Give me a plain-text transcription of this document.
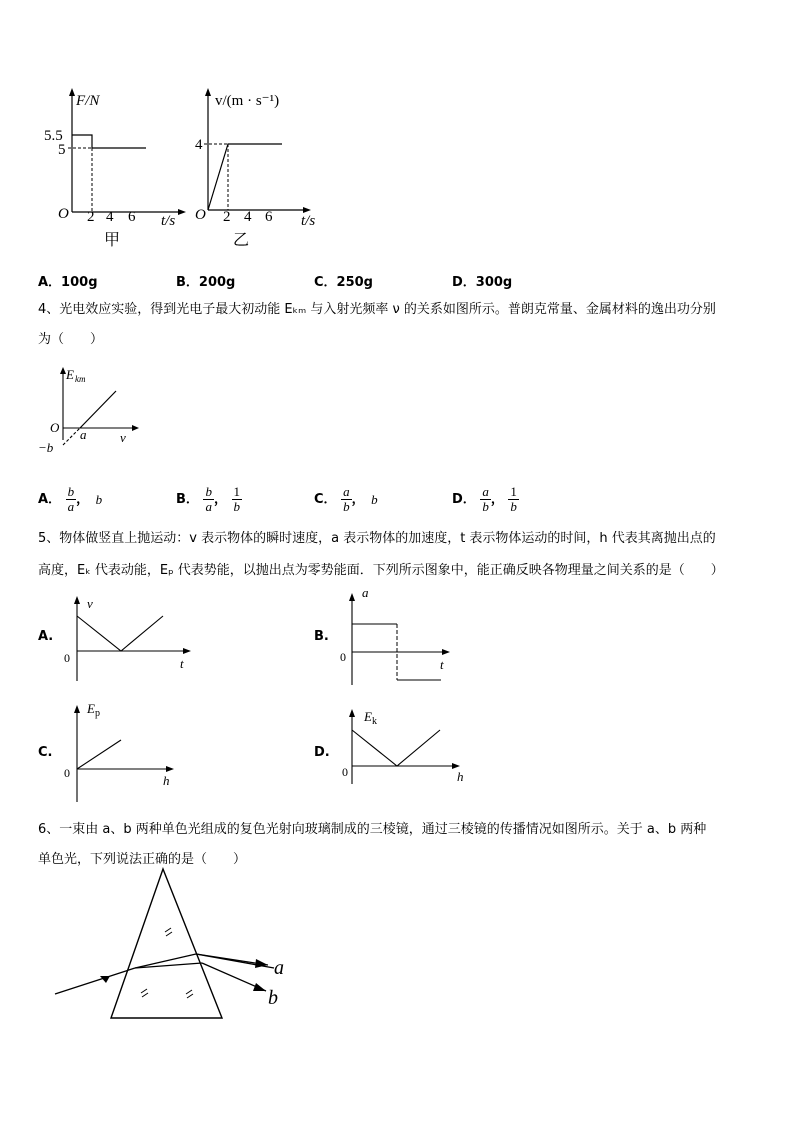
F/N
5.5
5
O 2 4 6 t/s
甲
v/(m · s⁻¹)
4
O 2 4 6 t/s
乙
A．100g	B．200g	C．250g	D．300g
4、光电效应实验，得到光电子最大初动能 Eₖₘ 与入射光频率 ν 的关系如图所示。普朗克常量、金属材料的逸出功分别
为（　　）
E km
O a
−b
ν
A． $\frac{b}{a}$ ， b	B． $\frac{b}{a}$ ， $\frac{1}{b}$	C． $\frac{a}{b}$ ， b	D． $\frac{a}{b}$ ， $\frac{1}{b}$
5、物体做竖直上抛运动：v 表示物体的瞬时速度，a 表示物体的加速度，t 表示物体运动的时间，h 代表其离抛出点的
高度，Eₖ 代表动能，Eₚ 代表势能，以抛出点为零势能面．下列所示图象中，能正确反映各物理量之间关系的是（　　）
A.
v
0	t
B.
a
0	t
C.
E p
0	h
D.
E k
0	h
6、一束由 a、b 两种单色光组成的复色光射向玻璃制成的三棱镜，通过三棱镜的传播情况如图所示。关于 a、b 两种
单色光，下列说法正确的是（　　）
a
b
